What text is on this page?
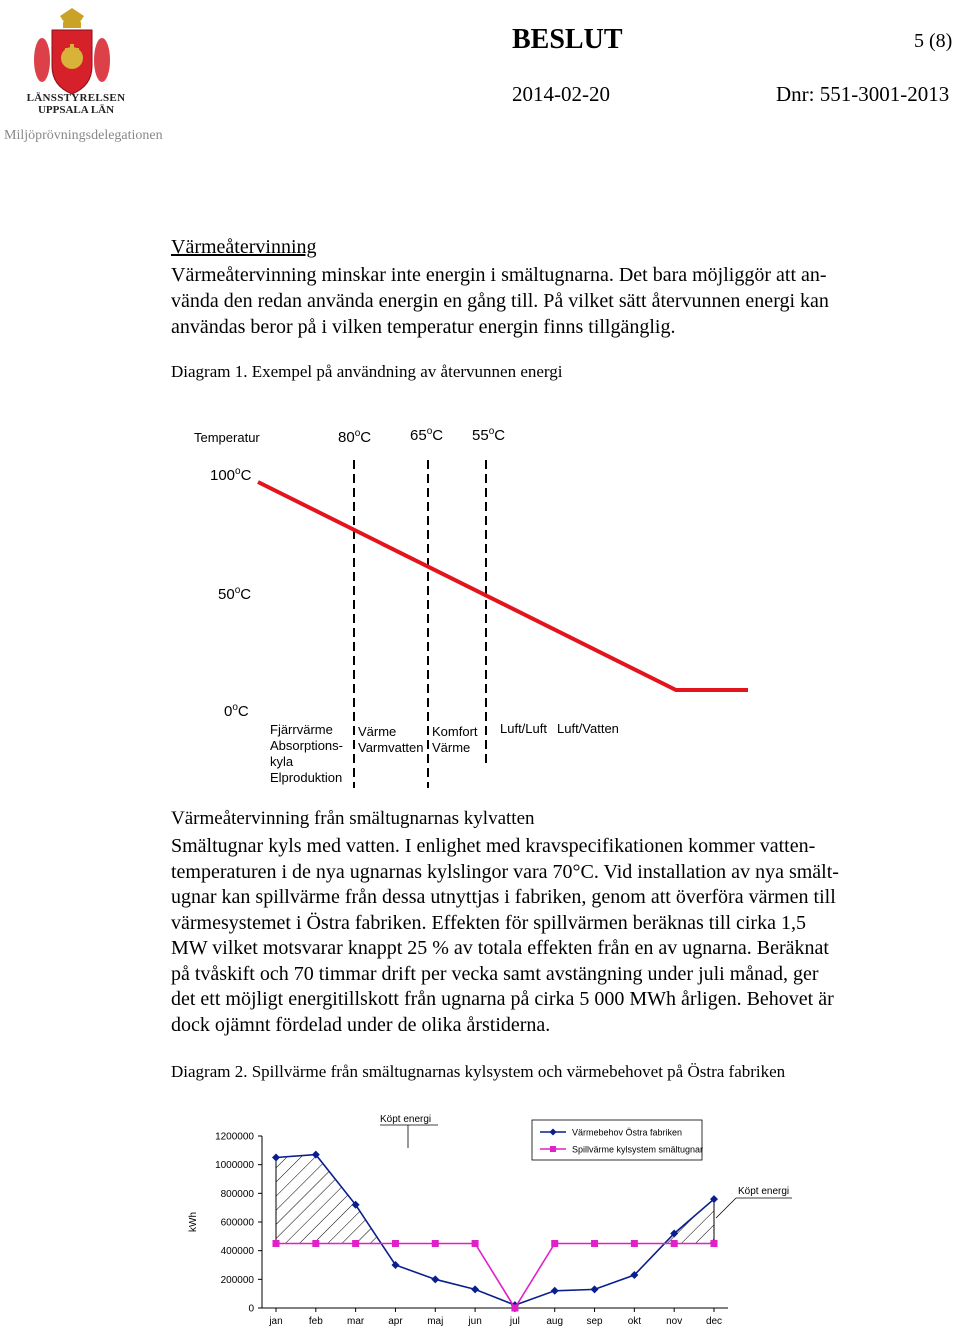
LÄNSSTYRELSEN
UPPSALA LÄN
Miljöprövningsdelegationen
BESLUT	5 (8)
2014-02-20	Dnr: 551-3001-2013
Värmeåtervinning
Värmeåtervinning minskar inte energin i smältugnarna. Det bara möjliggör att an-
vända den redan använda energin en gång till. På vilket sätt återvunnen energi kan
användas beror på i vilken temperatur energin finns tillgänglig.
Diagram 1. Exempel på användning av återvunnen energi
Temperatur
100$^o$C
50$^o$C
0$^o$C
80$^o$C	65$^o$C 55$^o$C
Fjärrvärme
Absorptions-
kyla
Elproduktion
Värme
Varmvatten
Komfort
Värme
Luft/Luft Luft/Vatten
Värmeåtervinning från smältugnarnas kylvatten
Smältugnar kyls med vatten. I enlighet med kravspecifikationen kommer vatten-
temperaturen i de nya ugnarnas kylslingor vara 70°C. Vid installation av nya smält-
ugnar kan spillvärme från dessa utnyttjas i fabriken, genom att överföra värmen till
värmesystemet i Östra fabriken. Effekten för spillvärmen beräknas till cirka 1,5
MW vilket motsvarar knappt 25 % av totala effekten från en av ugnarna. Beräknat
på tvåskift och 70 timmar drift per vecka samt avstängning under juli månad, ger
det ett möjligt energitillskott från ugnarna på cirka 5 000 MWh årligen. Behovet är
dock ojämnt fördelad under de olika årstiderna.
Diagram 2. Spillvärme från smältugnarnas kylsystem och värmebehovet på Östra fabriken
0
200000
400000
600000
800000
1000000
1200000
kWh
jan	feb mar apr maj	jun	jul	aug sep	okt	nov dec
Värmebehov Östra fabriken
Spillvärme kylsystem smältugnar
Köpt energi
Köpt energi
